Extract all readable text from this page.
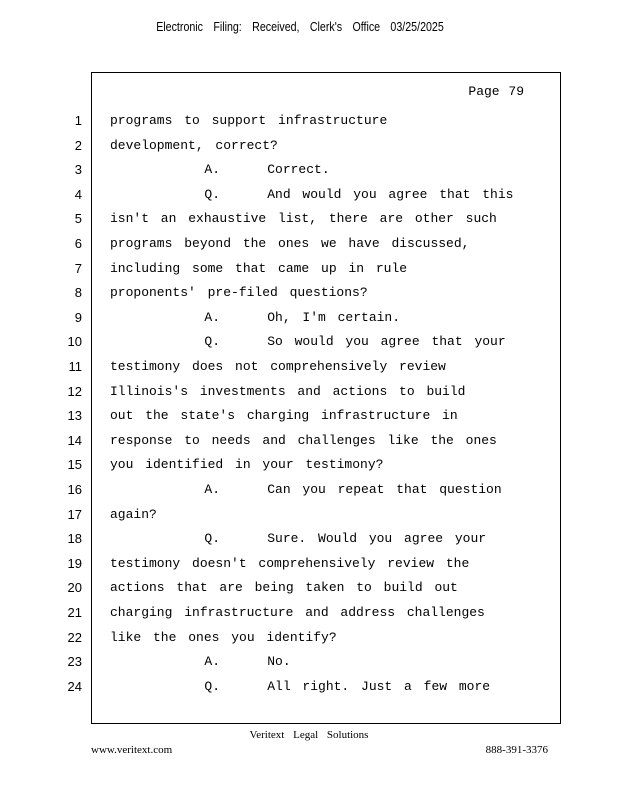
Electronic Filing: Received, Clerk's Office 03/25/2025
Page 79
1 programs to support infrastructure
2 development, correct?
3 A.    Correct.
4 Q.    And would you agree that this
5 isn't an exhaustive list, there are other such
6 programs beyond the ones we have discussed,
7 including some that came up in rule
8 proponents' pre-filed questions?
9 A.    Oh, I'm certain.
10 Q.    So would you agree that your
11 testimony does not comprehensively review
12 Illinois's investments and actions to build
13 out the state's charging infrastructure in
14 response to needs and challenges like the ones
15 you identified in your testimony?
16 A.    Can you repeat that question
17 again?
18 Q.    Sure. Would you agree your
19 testimony doesn't comprehensively review the
20 actions that are being taken to build out
21 charging infrastructure and address challenges
22 like the ones you identify?
23 A.    No.
24 Q.    All right. Just a few more
Veritext Legal Solutions
www.veritext.com	888-391-3376
